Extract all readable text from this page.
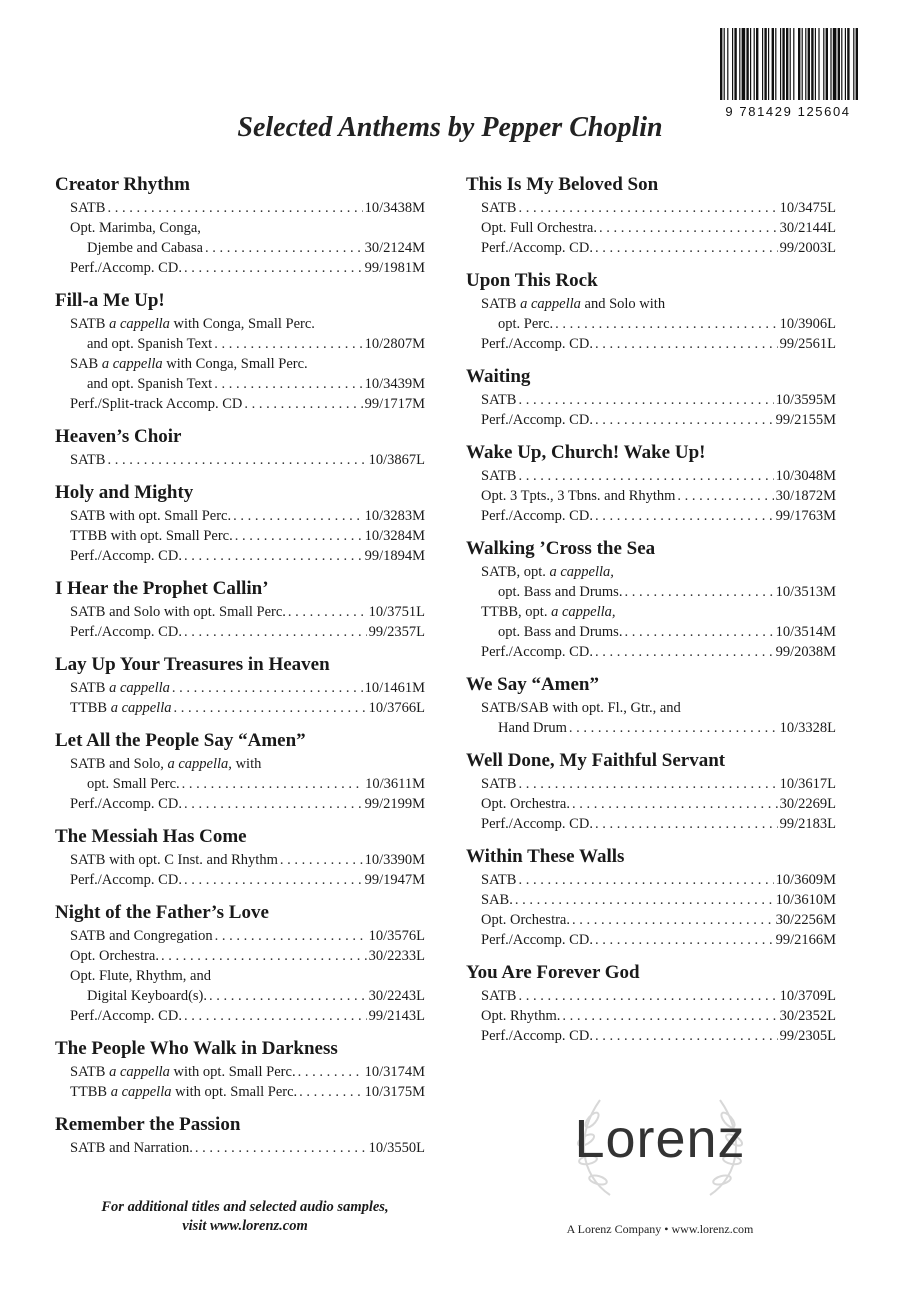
9 781429 125604
Selected Anthems by Pepper Choplin
Creator Rhythm
SATB . . .	10/3438M
Opt. Marimba, Conga,
Djembe and Cabasa . . .	30/2124M
Perf./Accomp. CD. . . .	99/1981M
Fill-a Me Up!
SATB a cappella with Conga, Small Perc.
and opt. Spanish Text . . .	10/2807M
SAB a cappella with Conga, Small Perc.
and opt. Spanish Text . . .	10/3439M
Perf./Split-track Accomp. CD . . .	99/1717M
Heaven’s Choir
SATB . . .	10/3867L
Holy and Mighty
SATB with opt. Small Perc. . . .	10/3283M
TTBB with opt. Small Perc. . . .	10/3284M
Perf./Accomp. CD. . . .	99/1894M
I Hear the Prophet Callin’
SATB and Solo with opt. Small Perc. . . .	10/3751L
Perf./Accomp. CD. . . .	99/2357L
Lay Up Your Treasures in Heaven
SATB a cappella . . .	10/1461M
TTBB a cappella . . .	10/3766L
Let All the People Say “Amen”
SATB and Solo, a cappella, with
opt. Small Perc. . . .	10/3611M
Perf./Accomp. CD. . . .	99/2199M
The Messiah Has Come
SATB with opt. C Inst. and Rhythm . . .	10/3390M
Perf./Accomp. CD. . . .	99/1947M
Night of the Father’s Love
SATB and Congregation . . .	10/3576L
Opt. Orchestra. . . .	30/2233L
Opt. Flute, Rhythm, and
Digital Keyboard(s). . . .	30/2243L
Perf./Accomp. CD. . . .	99/2143L
The People Who Walk in Darkness
SATB a cappella with opt. Small Perc. . . .	10/3174M
TTBB a cappella with opt. Small Perc. . . .	10/3175M
Remember the Passion
SATB and Narration. . . .	10/3550L
This Is My Beloved Son
SATB . . .	10/3475L
Opt. Full Orchestra. . . .	30/2144L
Perf./Accomp. CD. . . .	99/2003L
Upon This Rock
SATB a cappella and Solo with
opt. Perc. . . .	10/3906L
Perf./Accomp. CD. . . .	99/2561L
Waiting
SATB . . .	10/3595M
Perf./Accomp. CD. . . .	99/2155M
Wake Up, Church! Wake Up!
SATB . . .	10/3048M
Opt. 3 Tpts., 3 Tbns. and Rhythm . . .	30/1872M
Perf./Accomp. CD. . . .	99/1763M
Walking ’Cross the Sea
SATB, opt. a cappella,
opt. Bass and Drums. . . .	10/3513M
TTBB, opt. a cappella,
opt. Bass and Drums. . . .	10/3514M
Perf./Accomp. CD. . . .	99/2038M
We Say “Amen”
SATB/SAB with opt. Fl., Gtr., and
Hand Drum . . .	10/3328L
Well Done, My Faithful Servant
SATB . . .	10/3617L
Opt. Orchestra. . . .	30/2269L
Perf./Accomp. CD. . . .	99/2183L
Within These Walls
SATB . . .	10/3609M
SAB. . . .	10/3610M
Opt. Orchestra. . . .	30/2256M
Perf./Accomp. CD. . . .	99/2166M
You Are Forever God
SATB . . .	10/3709L
Opt. Rhythm. . . .	30/2352L
Perf./Accomp. CD. . . .	99/2305L
For additional titles and selected audio samples,
visit www.lorenz.com
Lorenz
A Lorenz Company • www.lorenz.com
